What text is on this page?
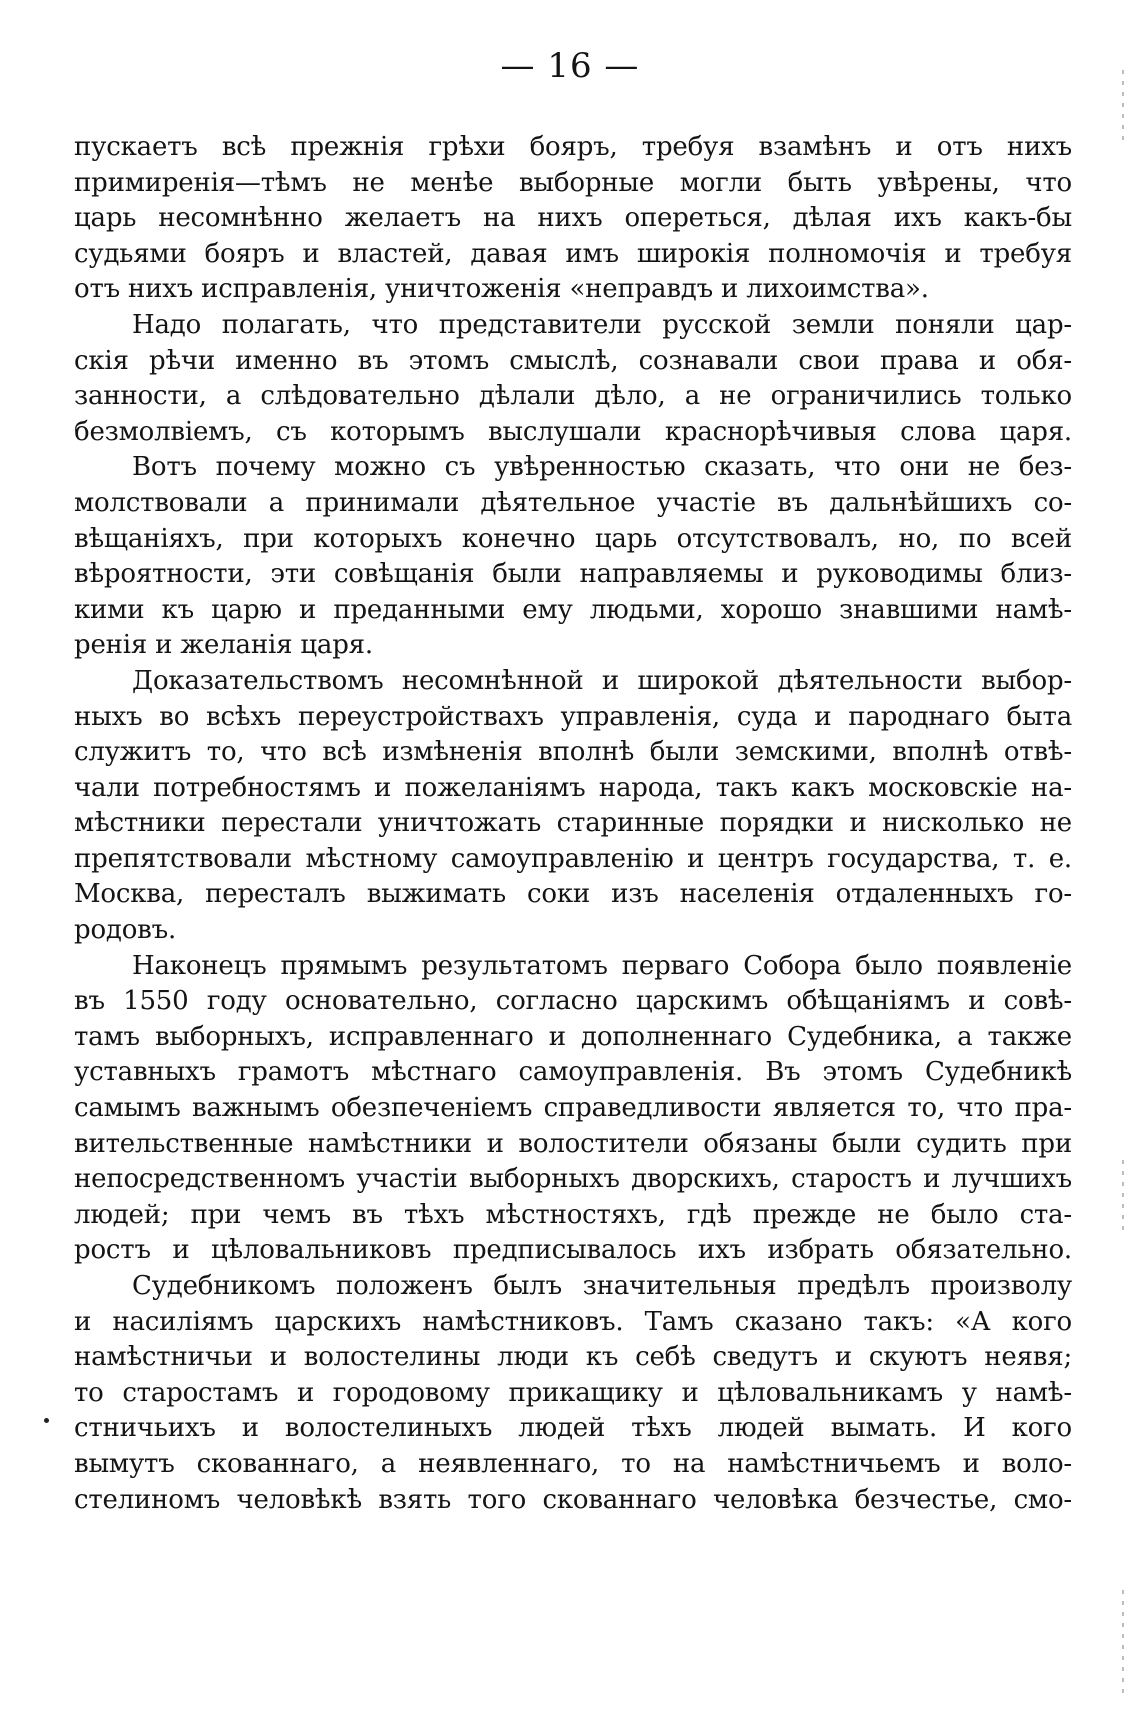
— 16 —
пускаетъ всѣ прежнія грѣхи бояръ, требуя взамѣнъ и отъ нихъ
примиренія—тѣмъ не менѣе выборные могли быть увѣрены, что
царь несомнѣнно желаетъ на нихъ опереться, дѣлая ихъ какъ-бы
судьями бояръ и властей, давая имъ широкія полномочія и требуя
отъ нихъ исправленія, уничтоженія «неправдъ и лихоимства».
Надо полагать, что представители русской земли поняли цар-
скія рѣчи именно въ этомъ смыслѣ, сознавали свои права и обя-
занности, а слѣдовательно дѣлали дѣло, а не ограничились только
безмолвіемъ, съ которымъ выслушали краснорѣчивыя слова царя.
Вотъ почему можно съ увѣренностью сказать, что они не без-
молствовали а принимали дѣятельное участіе въ дальнѣйшихъ со-
вѣщаніяхъ, при которыхъ конечно царь отсутствовалъ, но, по всей
вѣроятности, эти совѣщанія были направляемы и руководимы близ-
кими къ царю и преданными ему людьми, хорошо знавшими намѣ-
ренія и желанія царя.
Доказательствомъ несомнѣнной и широкой дѣятельности выбор-
ныхъ во всѣхъ переустройствахъ управленія, суда и пароднаго быта
служитъ то, что всѣ измѣненія вполнѣ были земскими, вполнѣ отвѣ-
чали потребностямъ и пожеланіямъ народа, такъ какъ московскіе на-
мѣстники перестали уничтожать старинные порядки и нисколько не
препятствовали мѣстному самоуправленію и центръ государства, т. е.
Москва, пересталъ выжимать соки изъ населенія отдаленныхъ го-
родовъ.
Наконецъ прямымъ результатомъ перваго Собора было появленіе
въ 1550 году основательно, согласно царскимъ обѣщаніямъ и совѣ-
тамъ выборныхъ, исправленнаго и дополненнаго Судебника, а также
уставныхъ грамотъ мѣстнаго самоуправленія. Въ этомъ Судебникѣ
самымъ важнымъ обезпеченіемъ справедливости является то, что пра-
вительственные намѣстники и волостители обязаны были судить при
непосредственномъ участіи выборныхъ дворскихъ, старостъ и лучшихъ
людей; при чемъ въ тѣхъ мѣстностяхъ, гдѣ прежде не было ста-
ростъ и цѣловальниковъ предписывалось ихъ избрать обязательно.
Судебникомъ положенъ былъ значительныя предѣлъ произволу
и насиліямъ царскихъ намѣстниковъ. Тамъ сказано такъ: «А кого
намѣстничьи и волостелины люди къ себѣ сведутъ и скуютъ неявя;
то старостамъ и городовому прикащику и цѣловальникамъ у намѣ-
стничьихъ и волостелиныхъ людей тѣхъ людей вымать. И кого
вымутъ скованнаго, а неявленнаго, то на намѣстничьемъ и воло-
стелиномъ человѣкѣ взять того скованнаго человѣка безчестье, смо-
